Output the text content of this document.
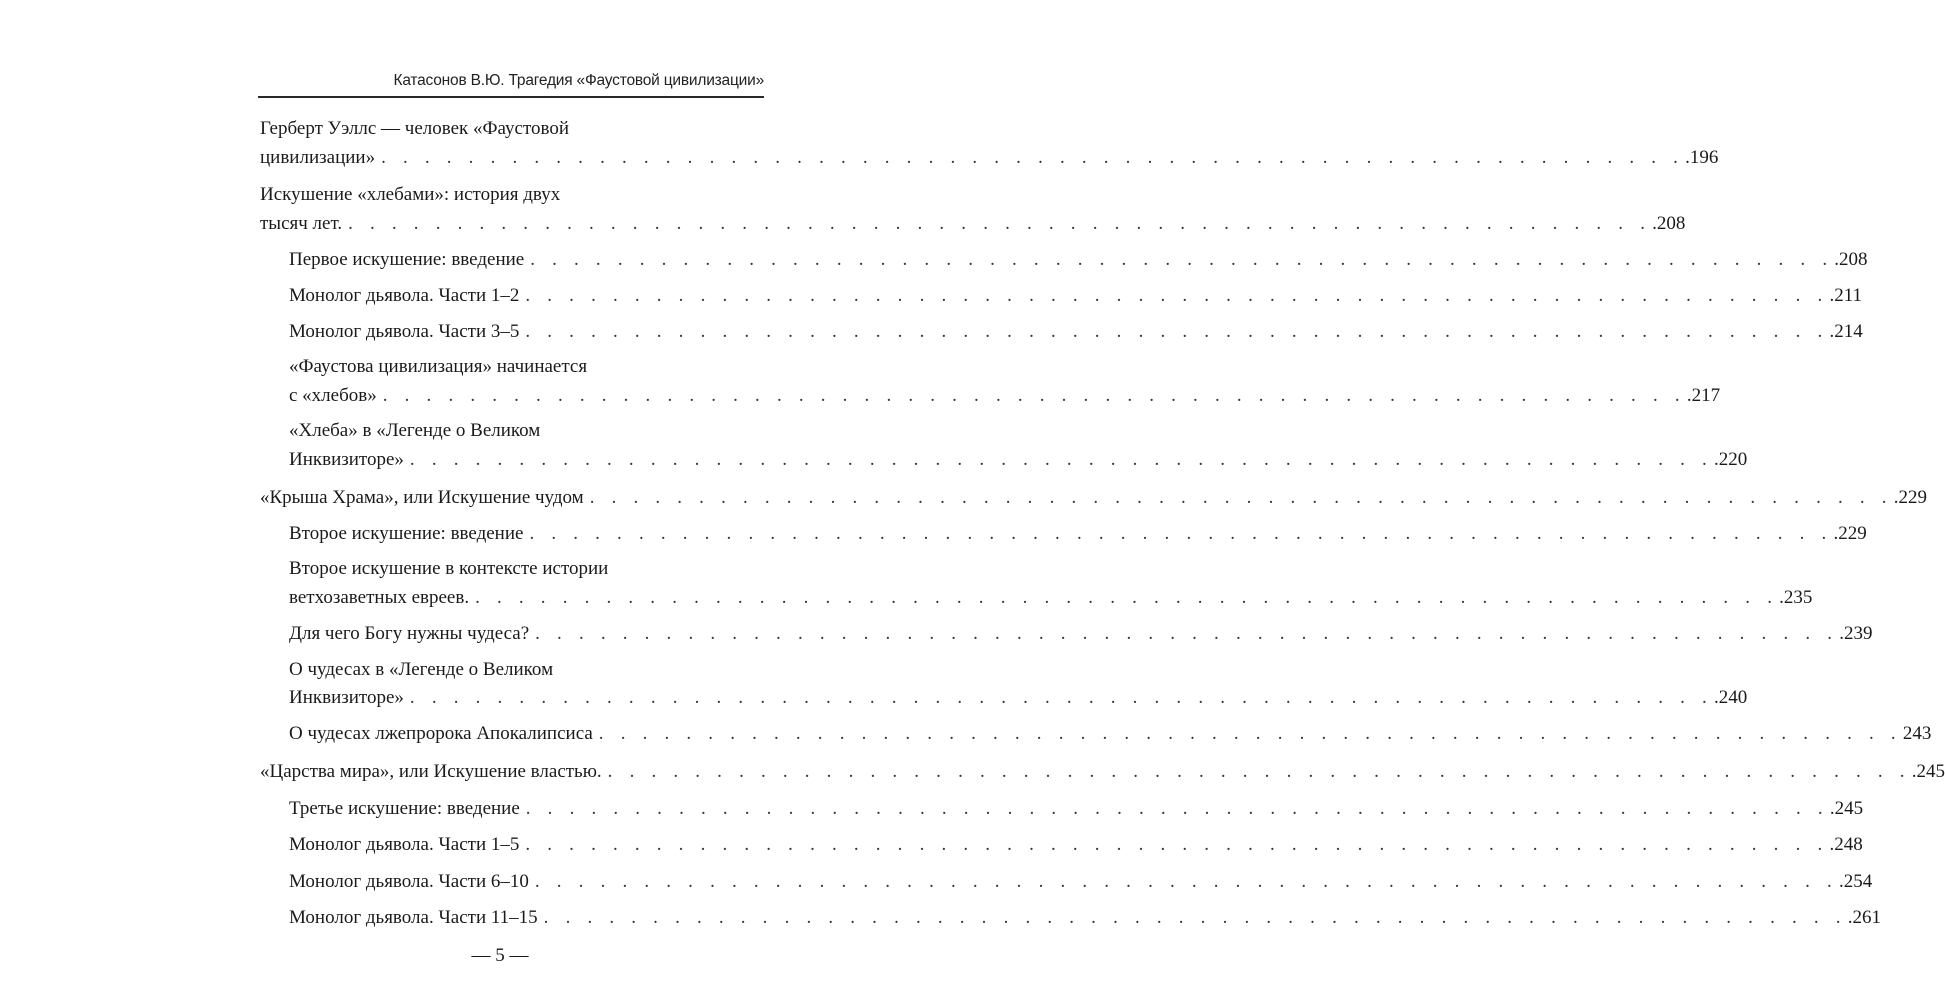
Катасонов В.Ю. Трагедия «Фаустовой цивилизации»
Герберт Уэллс — человек «Фаустовой
цивилизации» . . . . . . . . . . . . . . . . . . . . . . . . . . . . . . . . . . . . . . . . . . . . . . . . . . . . . . . . . . . . .196
Искушение «хлебами»: история двух
тысяч лет. . . . . . . . . . . . . . . . . . . . . . . . . . . . . . . . . . . . . . . . . . . . . . . . . . . . . . . . . . . . . .208
Первое искушение: введение . . . . . . . . . . . . . . . . . . . . . . . . . . . . . . . . . . . . . . . . . . . . . . . . . . . . . . . . . . . . .208
Монолог дьявола. Части 1–2 . . . . . . . . . . . . . . . . . . . . . . . . . . . . . . . . . . . . . . . . . . . . . . . . . . . . . . . . . . . . .211
Монолог дьявола. Части 3–5 . . . . . . . . . . . . . . . . . . . . . . . . . . . . . . . . . . . . . . . . . . . . . . . . . . . . . . . . . . . . .214
«Фаустова цивилизация» начинается
с «хлебов» . . . . . . . . . . . . . . . . . . . . . . . . . . . . . . . . . . . . . . . . . . . . . . . . . . . . . . . . . . . . .217
«Хлеба» в «Легенде о Великом
Инквизиторе» . . . . . . . . . . . . . . . . . . . . . . . . . . . . . . . . . . . . . . . . . . . . . . . . . . . . . . . . . . . . .220
«Крыша Храма», или Искушение чудом . . . . . . . . . . . . . . . . . . . . . . . . . . . . . . . . . . . . . . . . . . . . . . . . . . . . . . . . . . . . .229
Второе искушение: введение . . . . . . . . . . . . . . . . . . . . . . . . . . . . . . . . . . . . . . . . . . . . . . . . . . . . . . . . . . . . .229
Второе искушение в контексте истории
ветхозаветных евреев. . . . . . . . . . . . . . . . . . . . . . . . . . . . . . . . . . . . . . . . . . . . . . . . . . . . . . . . . . . . . .235
Для чего Богу нужны чудеса? . . . . . . . . . . . . . . . . . . . . . . . . . . . . . . . . . . . . . . . . . . . . . . . . . . . . . . . . . . . . .239
О чудесах в «Легенде о Великом
Инквизиторе» . . . . . . . . . . . . . . . . . . . . . . . . . . . . . . . . . . . . . . . . . . . . . . . . . . . . . . . . . . . . .240
О чудесах лжепророка Апокалипсиса . . . . . . . . . . . . . . . . . . . . . . . . . . . . . . . . . . . . . . . . . . . . . . . . . . . . . . . . . . . . 243
«Царства мира», или Искушение властью. . . . . . . . . . . . . . . . . . . . . . . . . . . . . . . . . . . . . . . . . . . . . . . . . . . . . . . . . . . . . .245
Третье искушение: введение . . . . . . . . . . . . . . . . . . . . . . . . . . . . . . . . . . . . . . . . . . . . . . . . . . . . . . . . . . . . .245
Монолог дьявола. Части 1–5 . . . . . . . . . . . . . . . . . . . . . . . . . . . . . . . . . . . . . . . . . . . . . . . . . . . . . . . . . . . . .248
Монолог дьявола. Части 6–10 . . . . . . . . . . . . . . . . . . . . . . . . . . . . . . . . . . . . . . . . . . . . . . . . . . . . . . . . . . . . .254
Монолог дьявола. Части 11–15 . . . . . . . . . . . . . . . . . . . . . . . . . . . . . . . . . . . . . . . . . . . . . . . . . . . . . . . . . . . . .261
— 5 —
